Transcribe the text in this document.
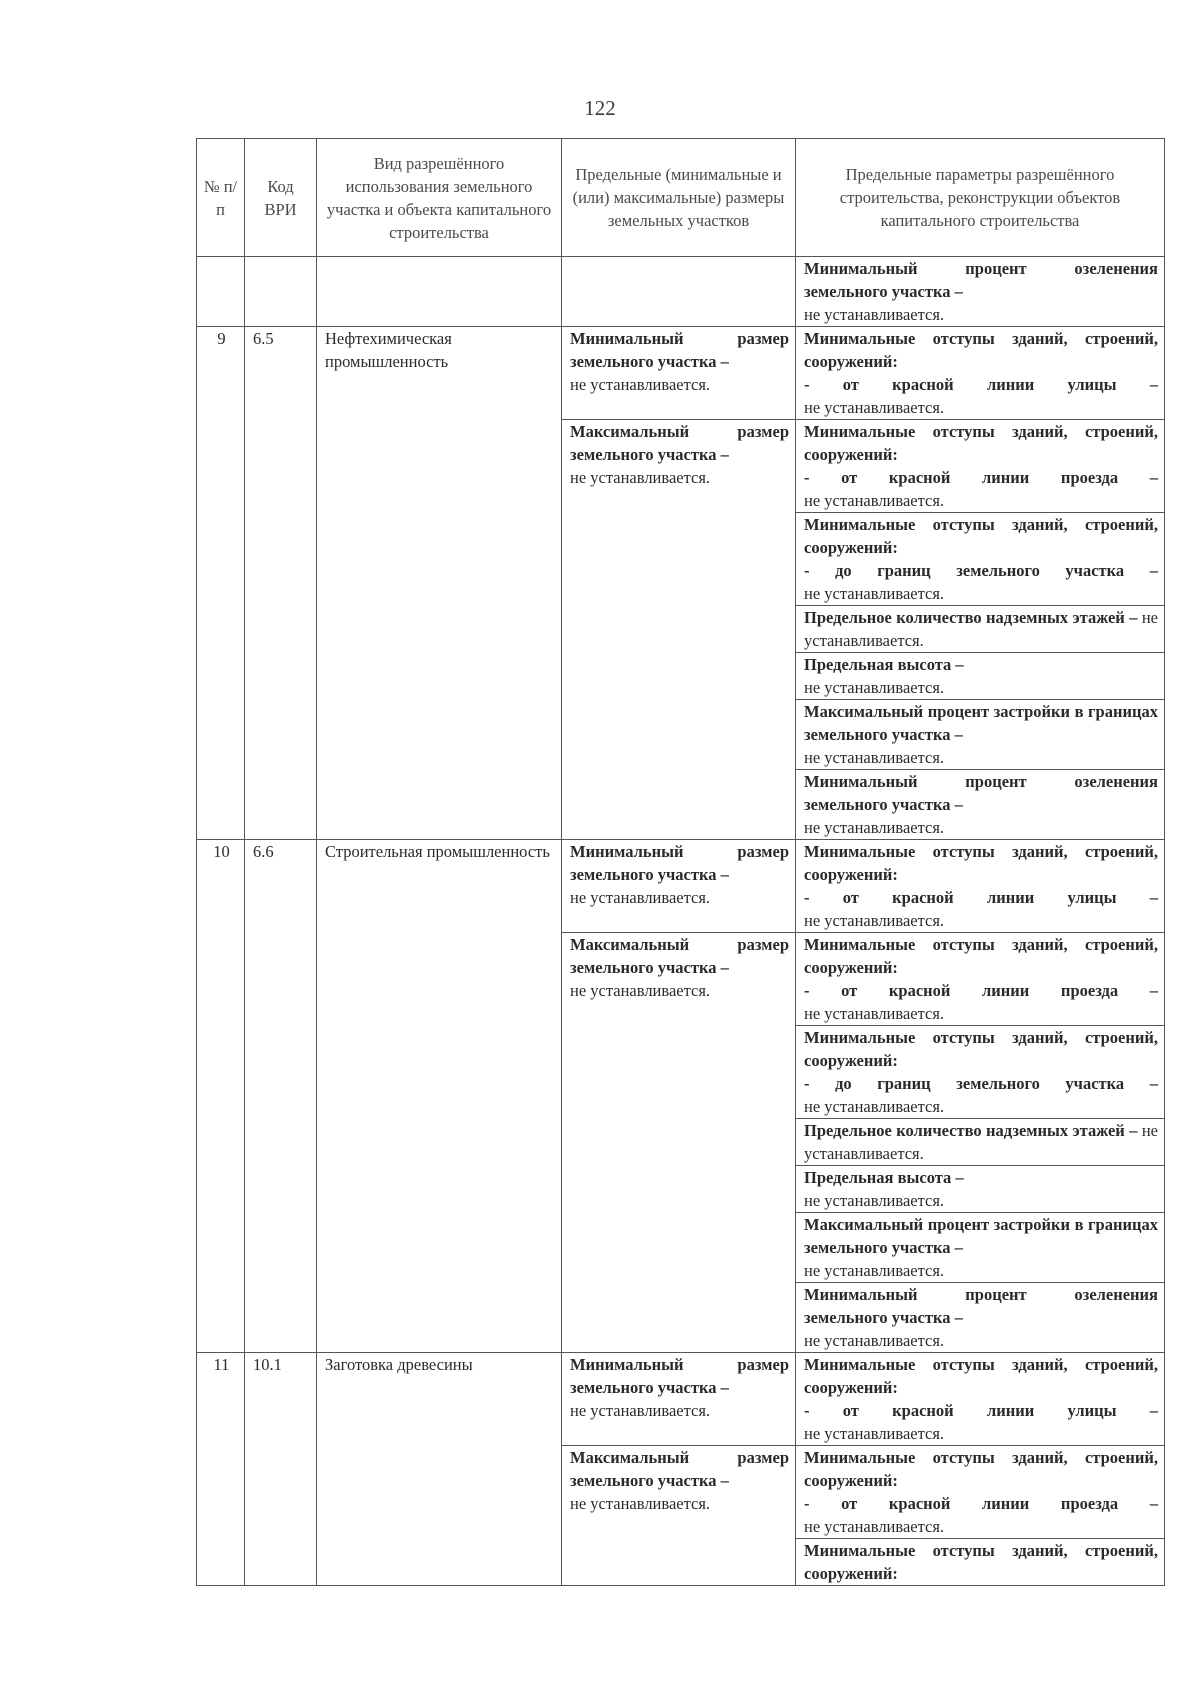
122
№ п/п	Код ВРИ	Вид разрешённого использования земельного участка и объекта капитального строительства	Предельные (минимальные и (или) максимальные) размеры земельных участков	Предельные параметры разрешённого строительства, реконструкции объектов капитального строительства

				Минимальный процент озеленения земельного участка –
не устанавливается.

9	6.5	Нефтехимическая промышленность	Минимальный размер земельного участка –
не устанавливается.	Минимальные отступы зданий, строений, сооружений:
- от красной линии улицы –
не устанавливается.

			Максимальный размер земельного участка –
не устанавливается.	Минимальные отступы зданий, строений, сооружений:
- от красной линии проезда –
не устанавливается.

				Минимальные отступы зданий, строений, сооружений:
- до границ земельного участка –
не устанавливается.

				Предельное количество надземных этажей – не устанавливается.

				Предельная высота –
не устанавливается.

				Максимальный процент застройки в границах земельного участка –
не устанавливается.

				Минимальный процент озеленения земельного участка –
не устанавливается.

10	6.6	Строительная промышленность	Минимальный размер земельного участка –
не устанавливается.	Минимальные отступы зданий, строений, сооружений:
- от красной линии улицы –
не устанавливается.

			Максимальный размер земельного участка –
не устанавливается.	Минимальные отступы зданий, строений, сооружений:
- от красной линии проезда –
не устанавливается.

				Минимальные отступы зданий, строений, сооружений:
- до границ земельного участка –
не устанавливается.

				Предельное количество надземных этажей – не устанавливается.

				Предельная высота –
не устанавливается.

				Максимальный процент застройки в границах земельного участка –
не устанавливается.

				Минимальный процент озеленения земельного участка –
не устанавливается.

11	10.1	Заготовка древесины	Минимальный размер земельного участка –
не устанавливается.	Минимальные отступы зданий, строений, сооружений:
- от красной линии улицы –
не устанавливается.

			Максимальный размер земельного участка –
не устанавливается.	Минимальные отступы зданий, строений, сооружений:
- от красной линии проезда –
не устанавливается.

				Минимальные отступы зданий, строений, сооружений:
